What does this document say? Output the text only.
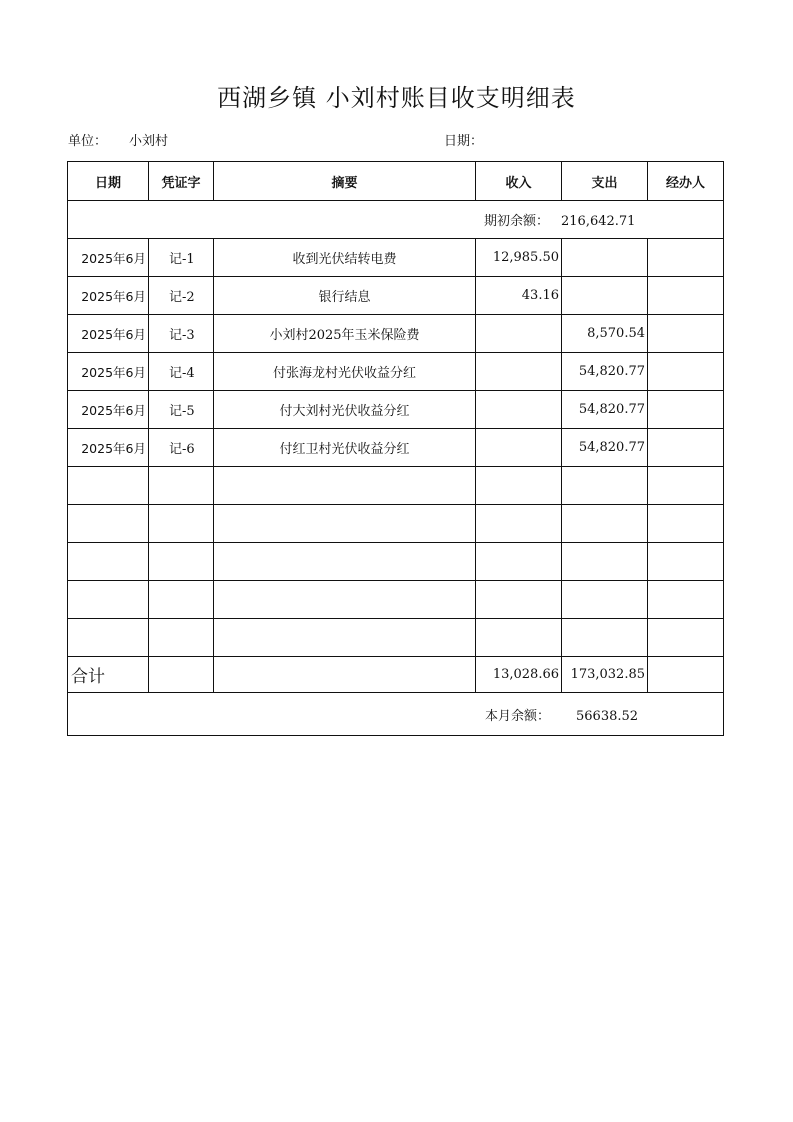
西湖乡镇 小刘村账目收支明细表
单位： 小刘村	日期：
日期	凭证字	摘要	收入	支出	经办人

期初余额： 216,642.71					

2025年6月	记-1	收到光伏结转电费	12,985.50		
2025年6月	记-2	银行结息	43.16		
2025年6月	记-3	小刘村2025年玉米保险费		8,570.54	
2025年6月	记-4	付张海龙村光伏收益分红		54,820.77	
2025年6月	记-5	付大刘村光伏收益分红		54,820.77	
2025年6月	记-6	付红卫村光伏收益分红		54,820.77	

合计			13,028.66	173,032.85	

本月余额： 56638.52					
